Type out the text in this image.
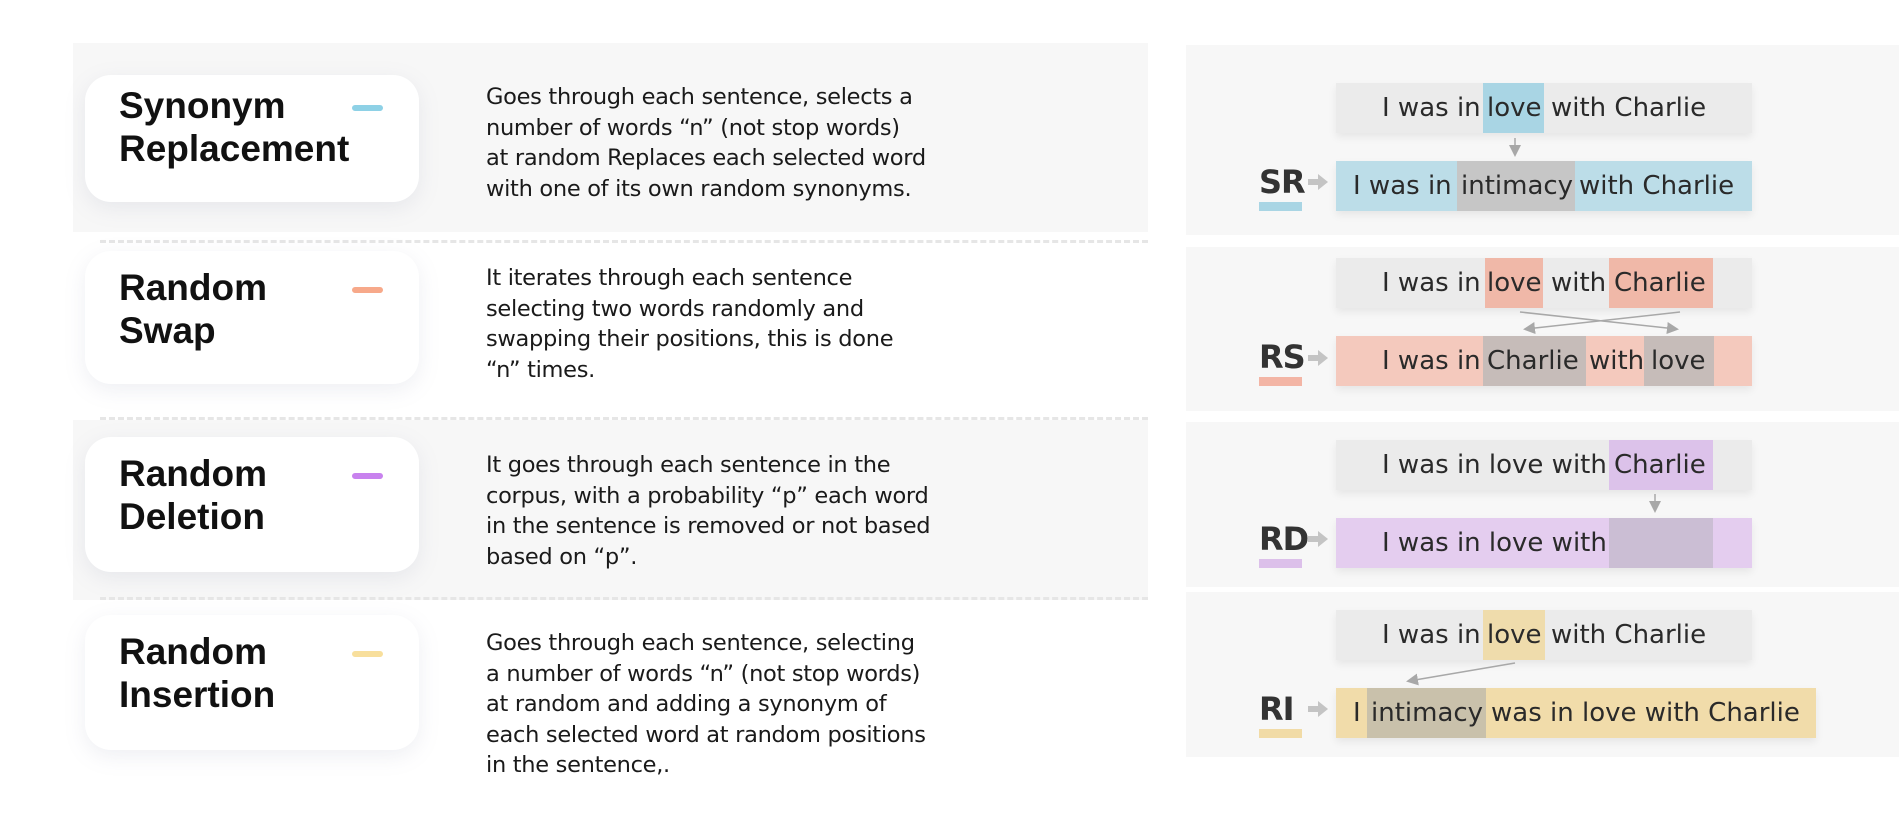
Synonym
Replacement
Random
Swap
Random
Deletion
Random
Insertion
Goes through each sentence, selects a
number of words “n” (not stop words)
at random Replaces each selected word
with one of its own random synonyms.
It iterates through each sentence
selecting two words randomly and
swapping their positions, this is done
“n” times.
It goes through each sentence in the
corpus, with a probability “p” each word
in the sentence is removed or not based
based on “p”.
Goes through each sentence, selecting
a number of words “n” (not stop words)
at random and adding a synonym of
each selected word at random positions
in the sentence,.
I was in love with Charlie
I was in intimacy with Charlie
SR
I was in love with Charlie
I was in Charlie with love
RS
I was in love with Charlie
I was in love with
RD
I was in love with Charlie
I intimacy was in love with Charlie
RI
